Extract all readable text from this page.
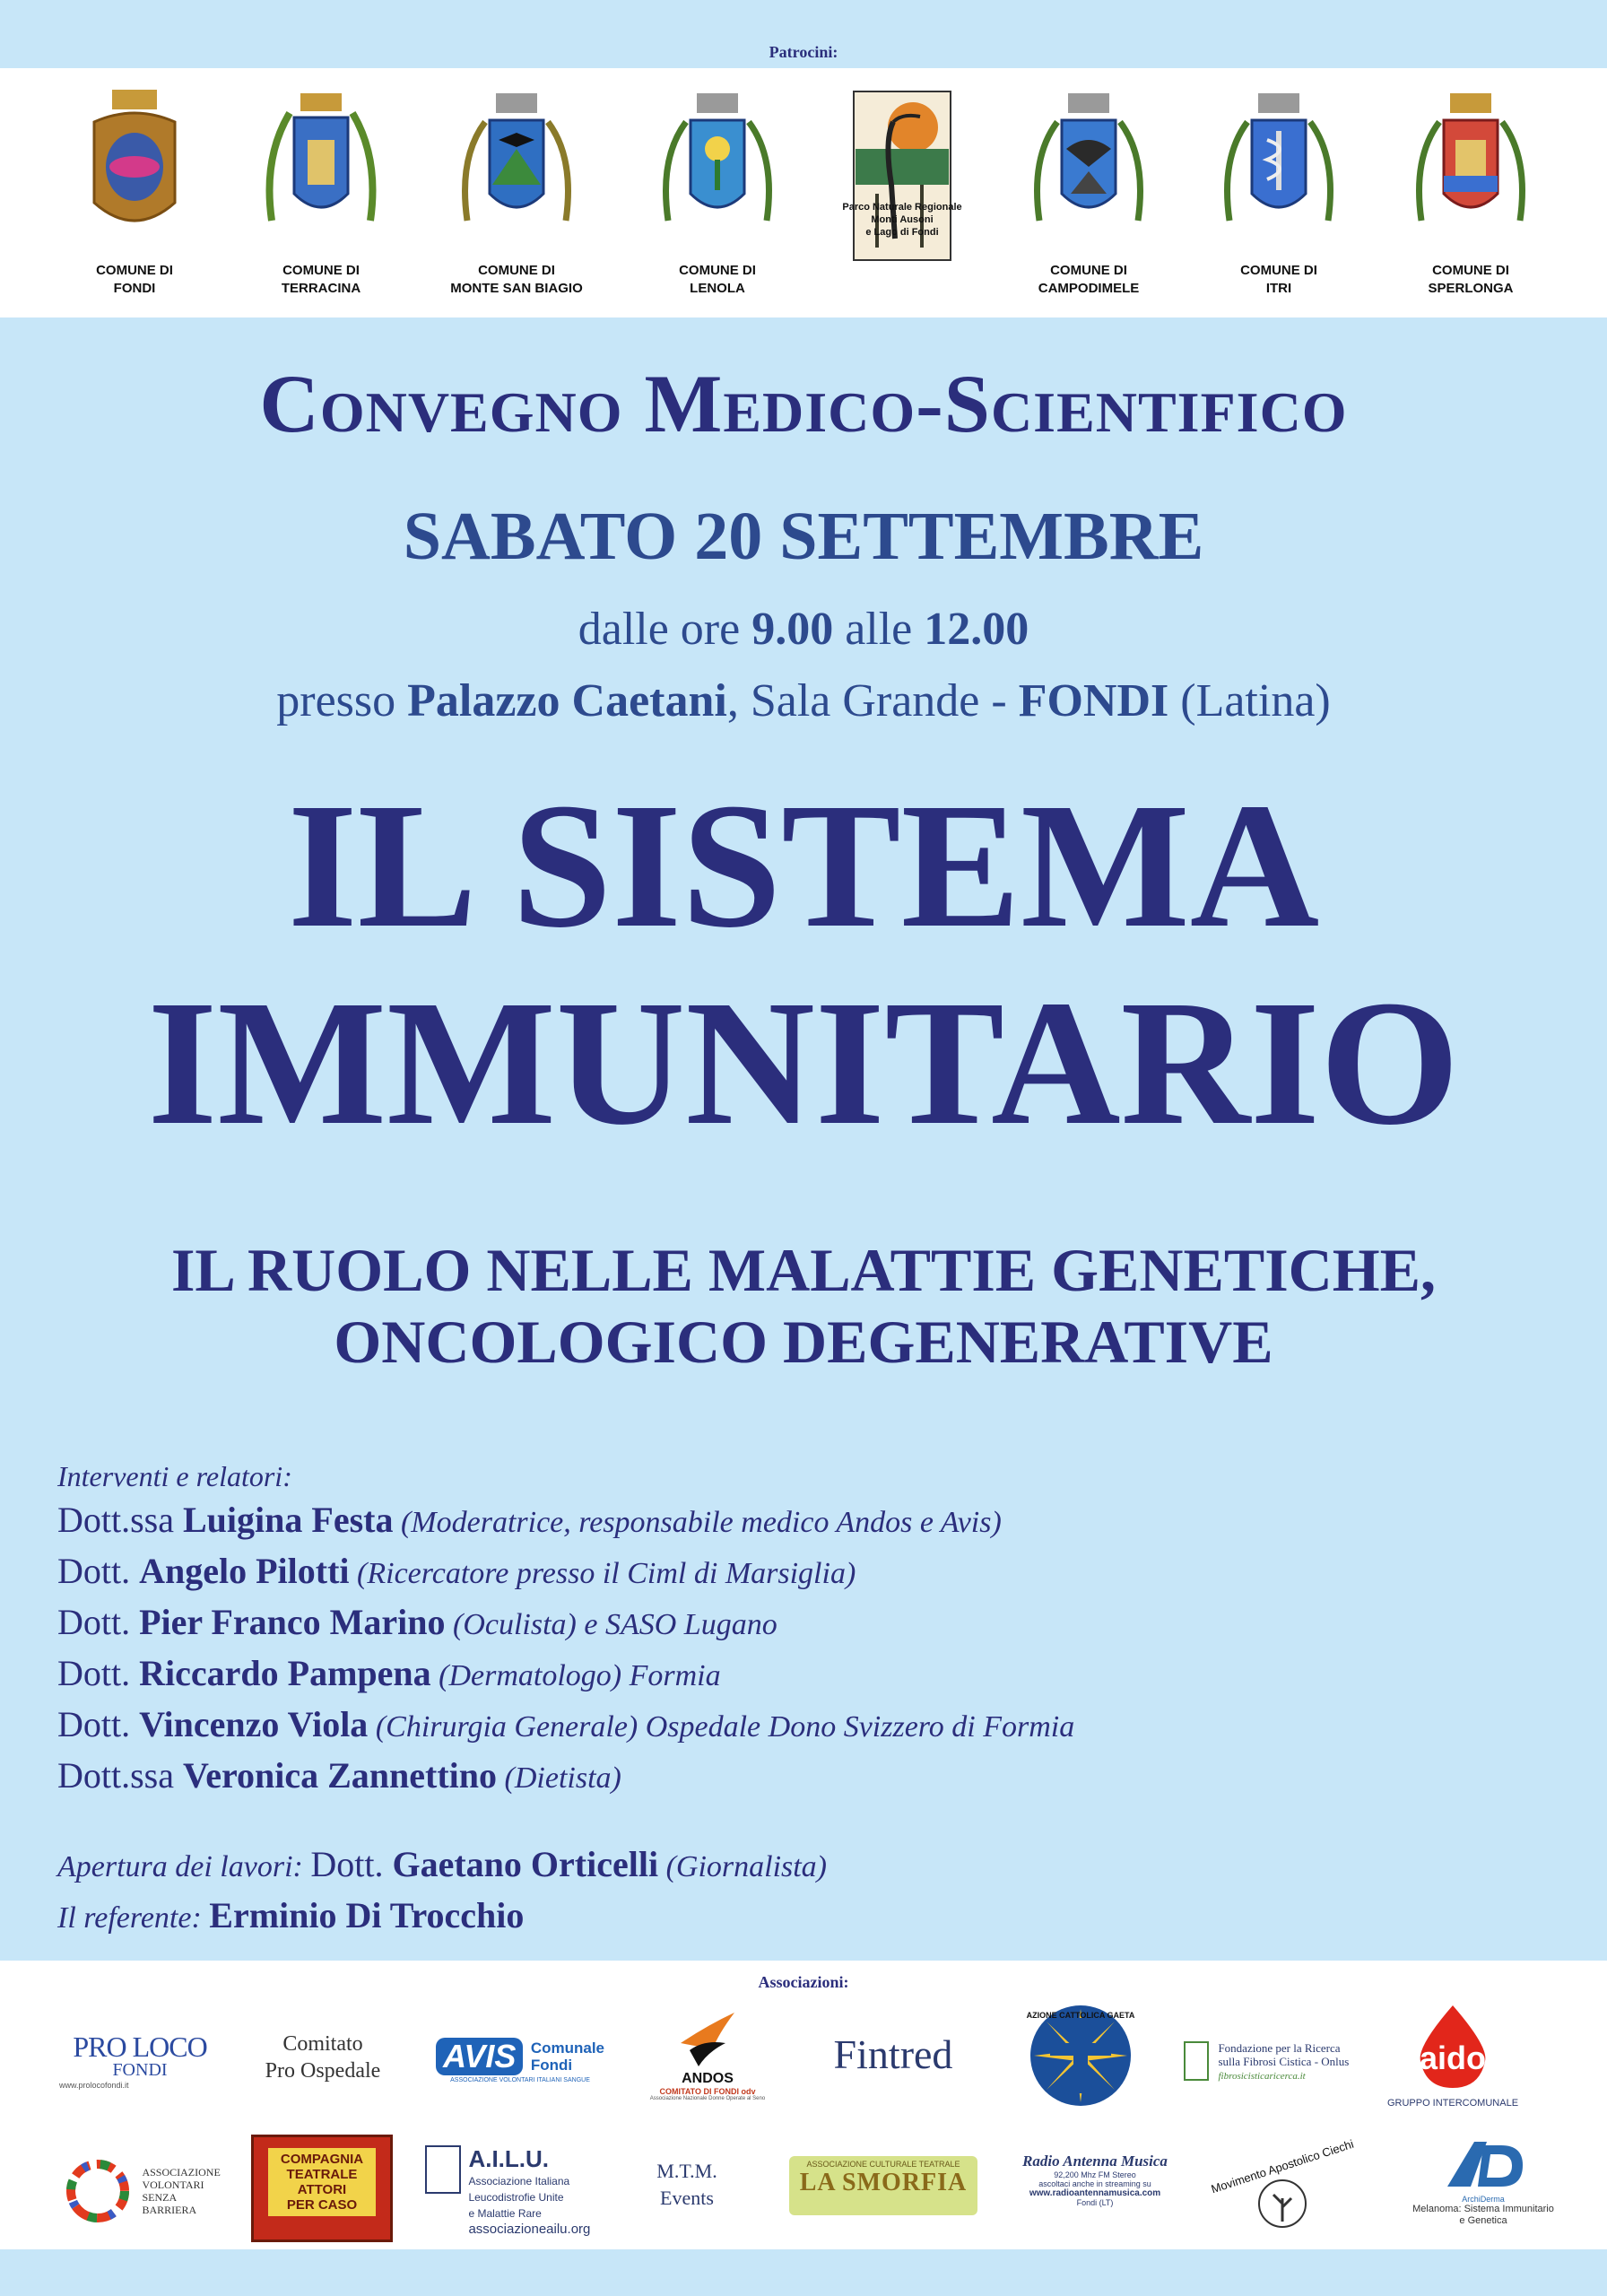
Patrocini:
COMUNE DI
FONDI
COMUNE DI
TERRACINA
COMUNE DI
MONTE SAN BIAGIO
COMUNE DI
LENOLA
Parco Naturale Regionale
Monti Ausoni
e Lago di Fondi
COMUNE DI
CAMPODIMELE
COMUNE DI
ITRI
COMUNE DI
SPERLONGA
Convegno Medico-Scientifico
SABATO 20 SETTEMBRE
dalle ore 9.00 alle 12.00
presso Palazzo Caetani, Sala Grande - FONDI (Latina)
IL SISTEMA
IMMUNITARIO
IL RUOLO NELLE MALATTIE GENETICHE,
ONCOLOGICO DEGENERATIVE
Interventi e relatori:
Dott.ssa Luigina Festa (Moderatrice, responsabile medico Andos e Avis)
Dott. Angelo Pilotti (Ricercatore presso il Ciml di Marsiglia)
Dott. Pier Franco Marino (Oculista) e SASO Lugano
Dott. Riccardo Pampena (Dermatologo) Formia
Dott. Vincenzo Viola (Chirurgia Generale) Ospedale Dono Svizzero di Formia
Dott.ssa Veronica Zannettino (Dietista)
Apertura dei lavori: Dott. Gaetano Orticelli (Giornalista)
Il referente: Erminio Di Trocchio
Associazioni:
PRO LOCO
FONDI
www.prolocofondi.it
Comitato
Pro Ospedale	AVIS Comunale
Fondi
ASSOCIAZIONE VOLONTARI ITALIANI SANGUE	ANDOS
COMITATO DI FONDI odv
Associazione Nazionale Donne Operate al Seno
Fintred
AZIONE CATTOLICA GAETA
Fondazione per la Ricerca
sulla Fibrosi Cistica - Onlus
fibrosicisticaricerca.it	aido
GRUPPO INTERCOMUNALE
ASSOCIAZIONE
VOLONTARI
SENZA
BARRIERA
COMPAGNIA
TEATRALE
ATTORI
PER CASO
A.I.L.U.
Associazione Italiana
Leucodistrofie Unite
e Malattie Rare
associazioneailu.org
M.T.M.
Events
ASSOCIAZIONE CULTURALE TEATRALE
LA SMORFIA
Radio Antenna Musica
92,200 Mhz FM Stereo
ascoltaci anche in streaming su
www.radioantennamusica.com
Fondi (LT)
Movimento Apostolico Ciechi
ArchiDerma
Melanoma: Sistema Immunitario
e Genetica
